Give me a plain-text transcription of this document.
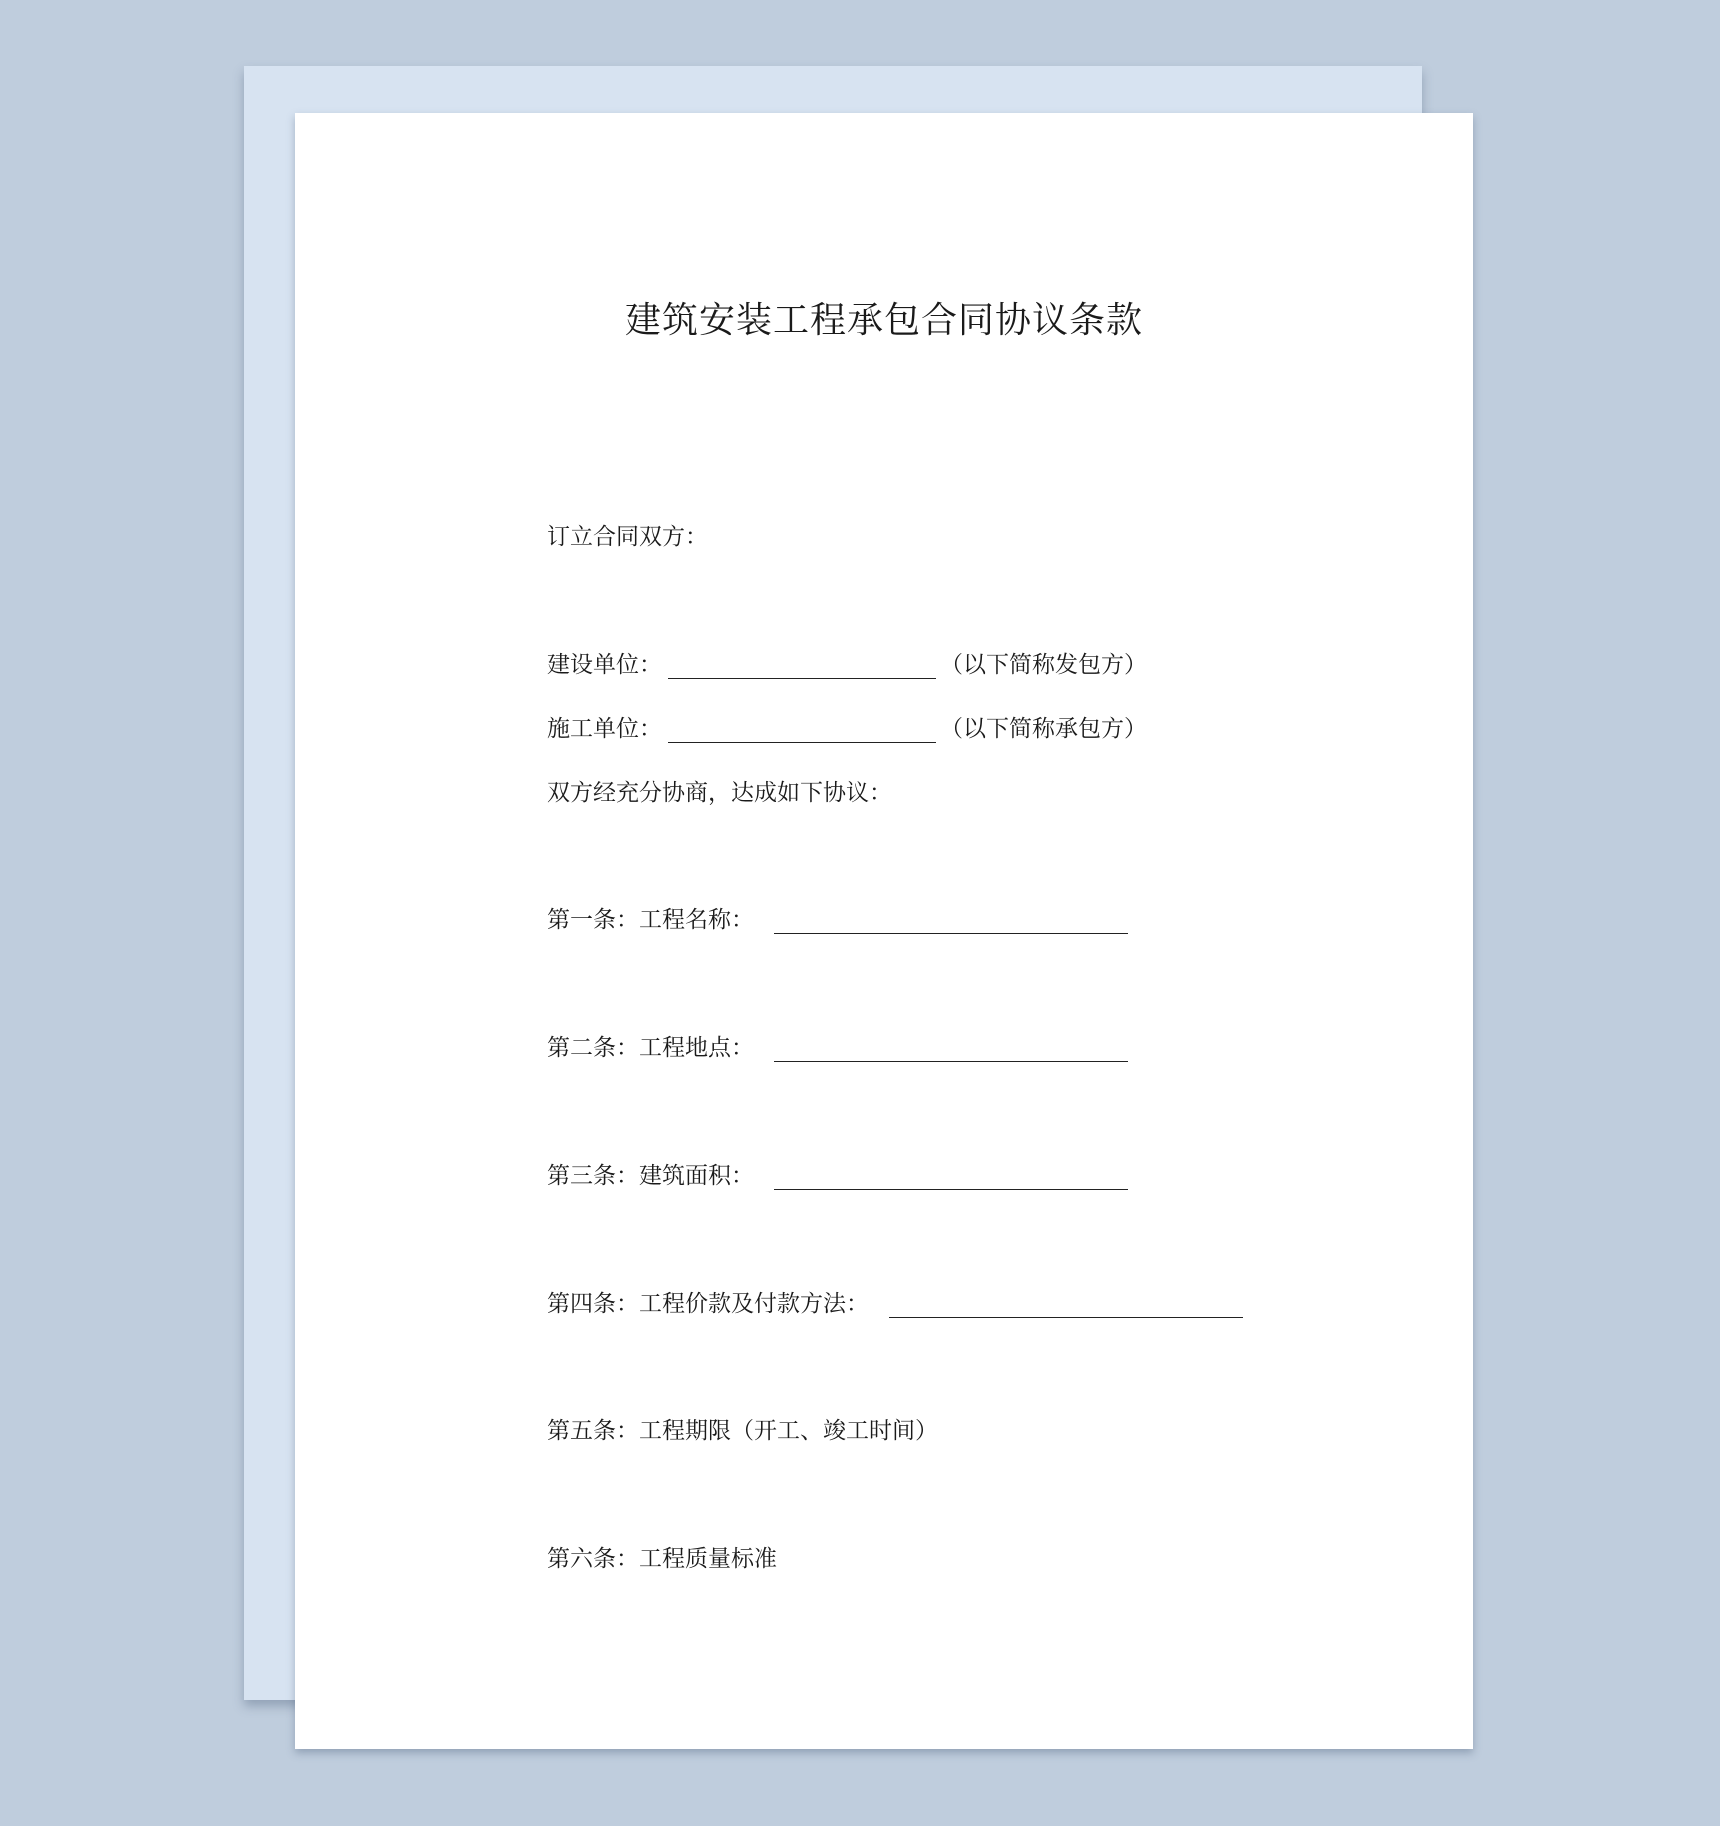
建筑安装工程承包合同协议条款
订立合同双方：
建设单位：	（以下简称发包方）
施工单位：	（以下简称承包方）
双方经充分协商，达成如下协议：
第一条：工程名称：
第二条：工程地点：
第三条：建筑面积：
第四条：工程价款及付款方法：
第五条：工程期限（开工、竣工时间）
第六条：工程质量标准
